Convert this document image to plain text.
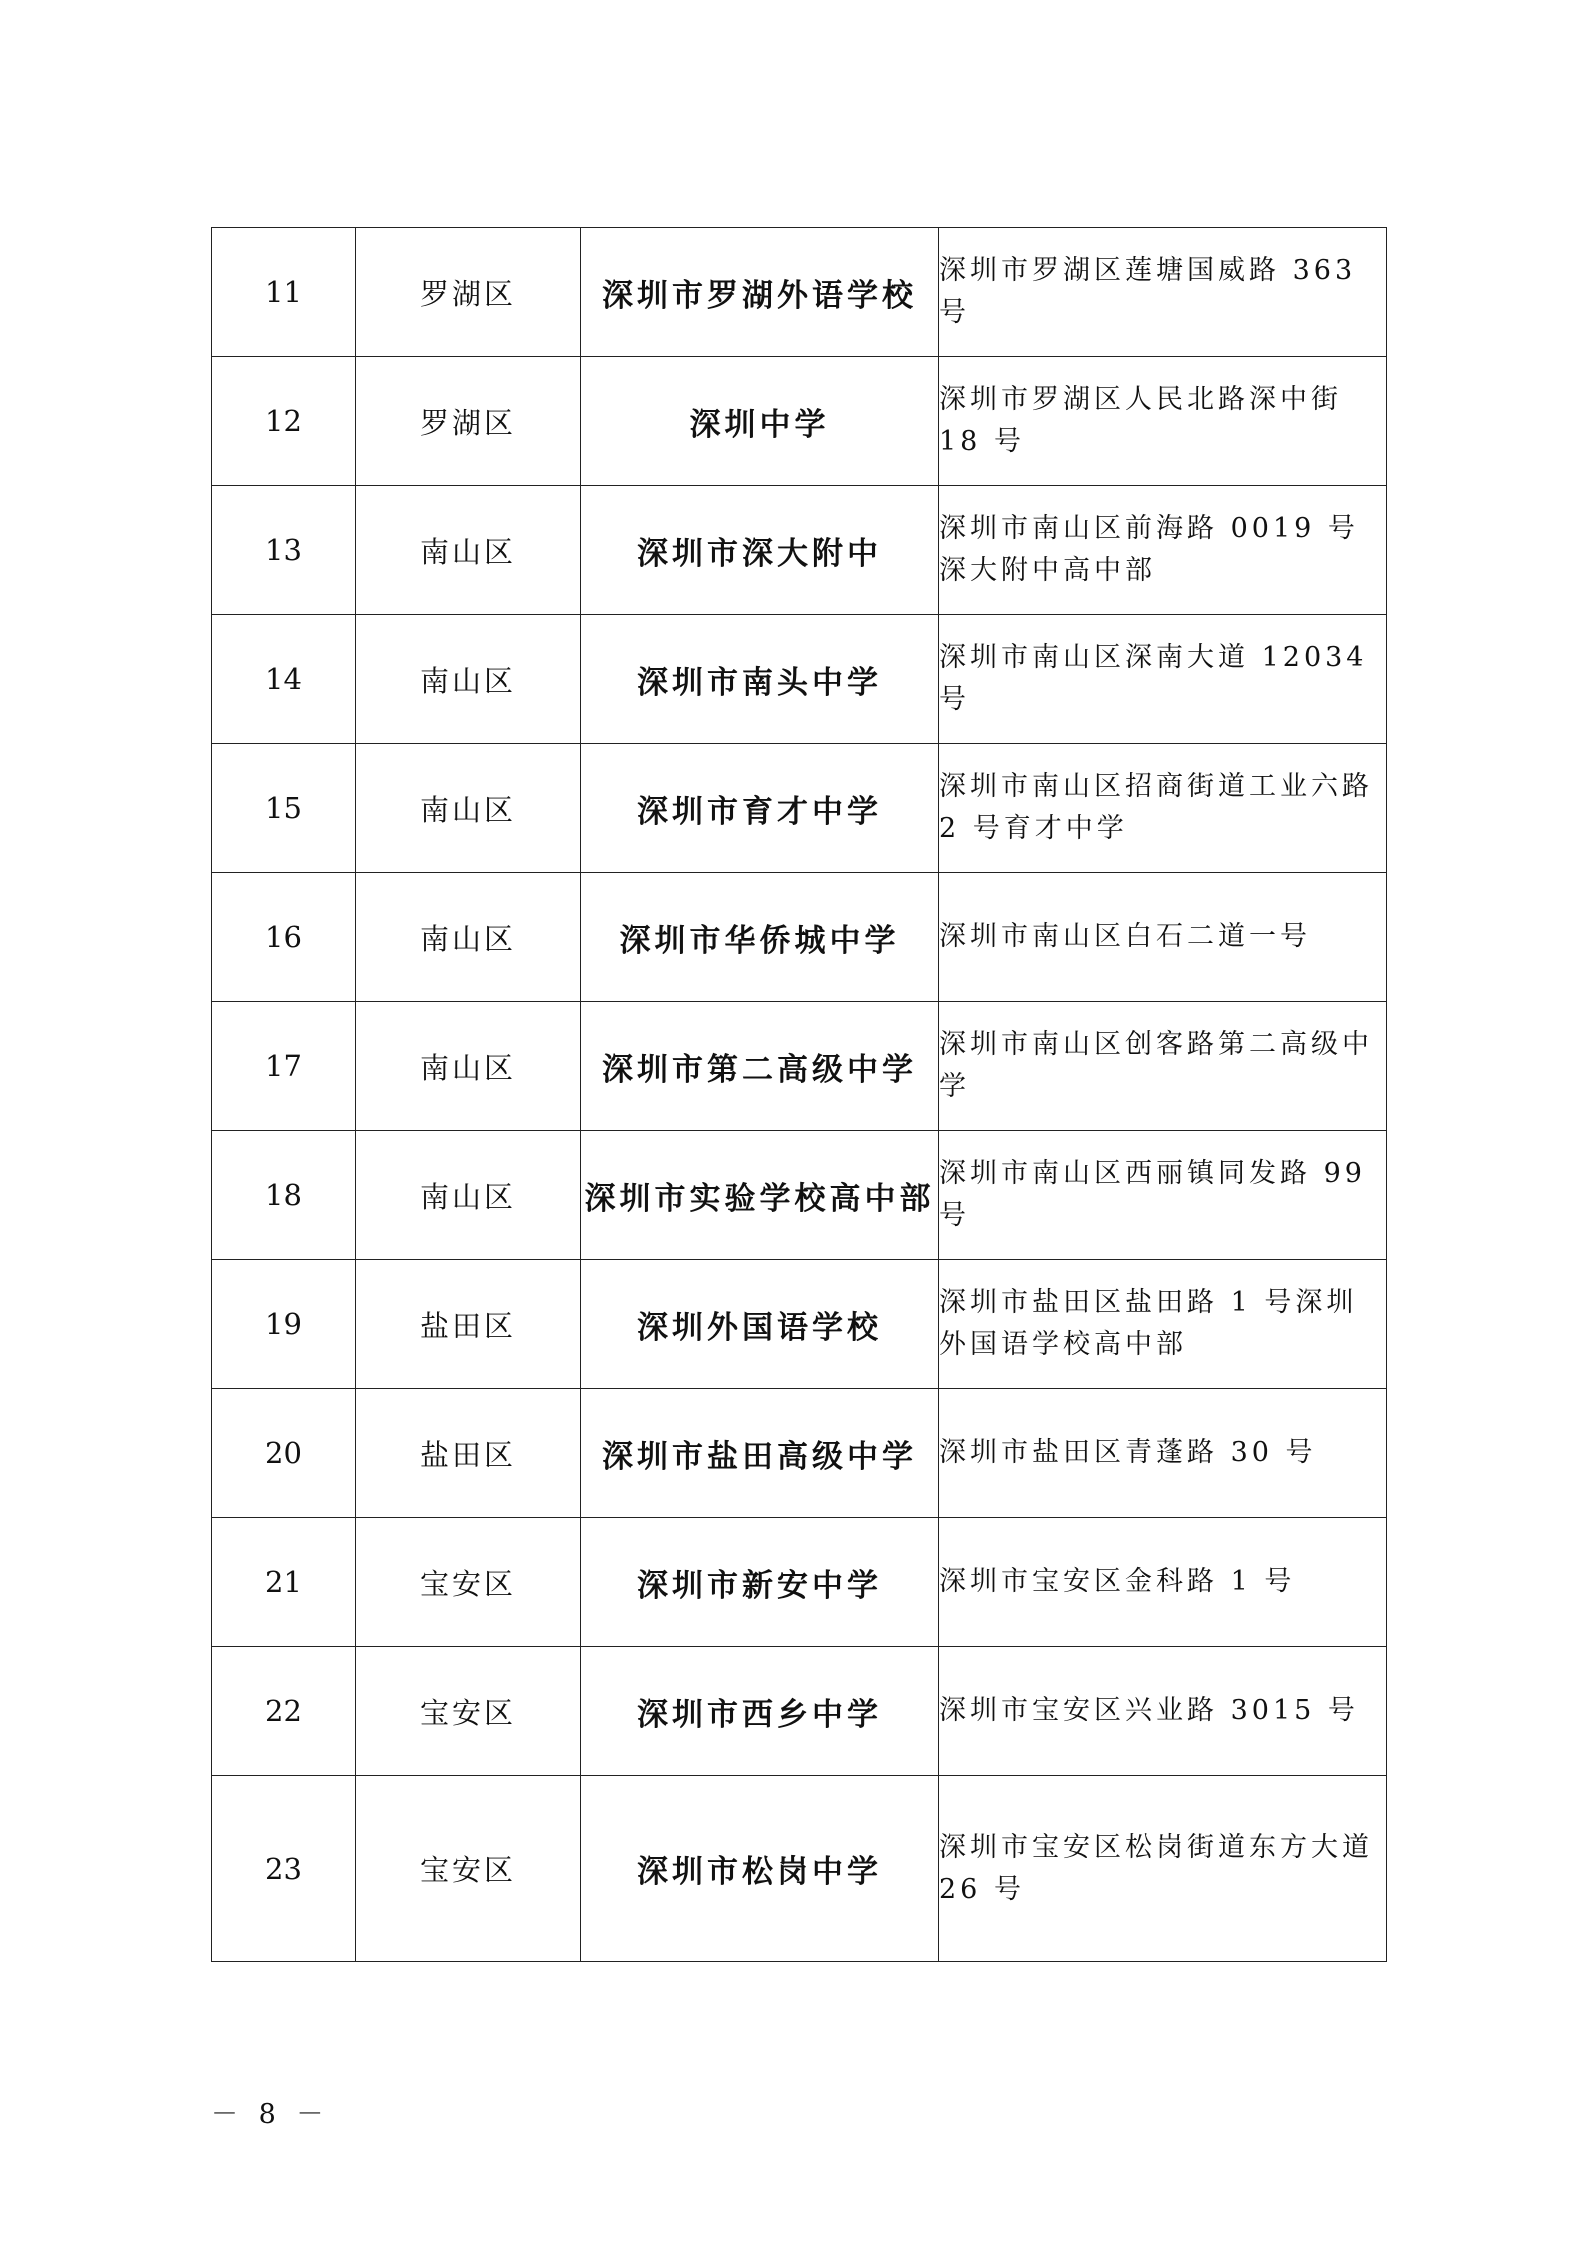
11	罗湖区	深圳市罗湖外语学校	深圳市罗湖区莲塘国威路 363 号
12	罗湖区	深圳中学	深圳市罗湖区人民北路深中街 18 号
13	南山区	深圳市深大附中	深圳市南山区前海路 0019 号深大附中高中部
14	南山区	深圳市南头中学	深圳市南山区深南大道 12034 号
15	南山区	深圳市育才中学	深圳市南山区招商街道工业六路 2 号育才中学
16	南山区	深圳市华侨城中学	深圳市南山区白石二道一号
17	南山区	深圳市第二高级中学	深圳市南山区创客路第二高级中学
18	南山区	深圳市实验学校高中部	深圳市南山区西丽镇同发路 99 号
19	盐田区	深圳外国语学校	深圳市盐田区盐田路 1 号深圳外国语学校高中部
20	盐田区	深圳市盐田高级中学	深圳市盐田区青蓬路 30 号
21	宝安区	深圳市新安中学	深圳市宝安区金科路 1 号
22	宝安区	深圳市西乡中学	深圳市宝安区兴业路 3015 号
23	宝安区	深圳市松岗中学	深圳市宝安区松岗街道东方大道 26 号
－ 8 －
